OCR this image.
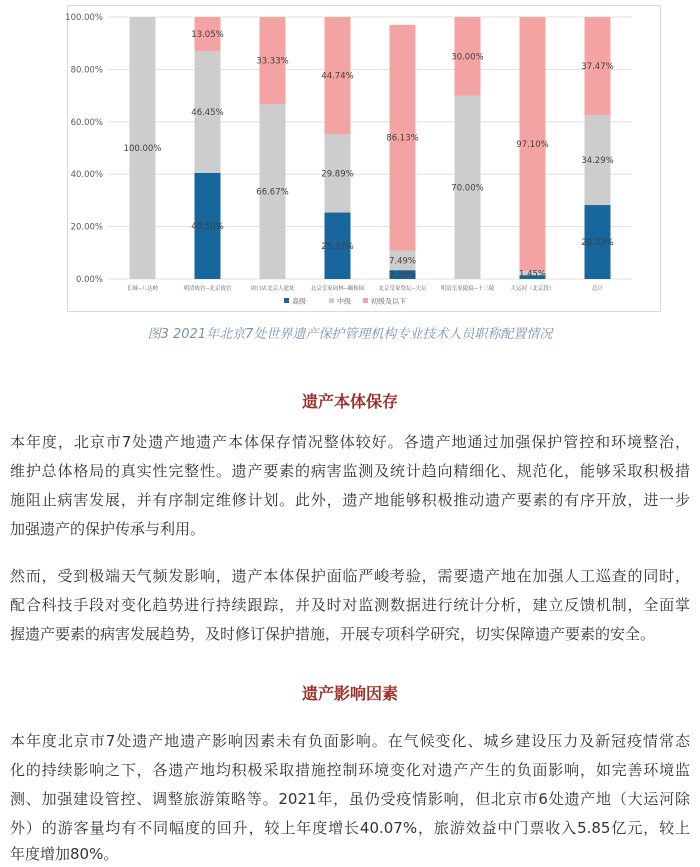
0.00%
20.00%
40.00%
60.00%
80.00%
100.00%
长城--八达岭	明清故宫--北京故宫	周口店北京人遗址	北京皇家园林--颐和园	北京皇家祭坛--天坛	明清皇家陵寝--十三陵	大运河（北京段）	总计
100.00%
40.50%
46.45%
13.05%
66.67%
33.33%
25.37%
29.89%
44.74%
3.38%
7.49%
86.13%
70.00%
30.00%
1.45%
97.10%
28.23%
34.29%
37.47%
高级	中级	初级及以下
图3 2021年北京7处世界遗产保护管理机构专业技术人员职称配置情况
遗产本体保存
本年度，北京市7处遗产地遗产本体保存情况整体较好。各遗产地通过加强保护管控和环境整治，
维护总体格局的真实性完整性。遗产要素的病害监测及统计趋向精细化、规范化，能够采取积极措
施阻止病害发展，并有序制定维修计划。此外，遗产地能够积极推动遗产要素的有序开放，进一步
加强遗产的保护传承与利用。
然而，受到极端天气频发影响，遗产本体保护面临严峻考验，需要遗产地在加强人工巡查的同时，
配合科技手段对变化趋势进行持续跟踪，并及时对监测数据进行统计分析，建立反馈机制，全面掌
握遗产要素的病害发展趋势，及时修订保护措施，开展专项科学研究，切实保障遗产要素的安全。
遗产影响因素
本年度北京市7处遗产地遗产影响因素未有负面影响。在气候变化、城乡建设压力及新冠疫情常态
化的持续影响之下，各遗产地均积极采取措施控制环境变化对遗产产生的负面影响，如完善环境监
测、加强建设管控、调整旅游策略等。2021年，虽仍受疫情影响，但北京市6处遗产地（大运河除
外）的游客量均有不同幅度的回升，较上年度增长40.07%，旅游效益中门票收入5.85亿元，较上
年度增加80%。
